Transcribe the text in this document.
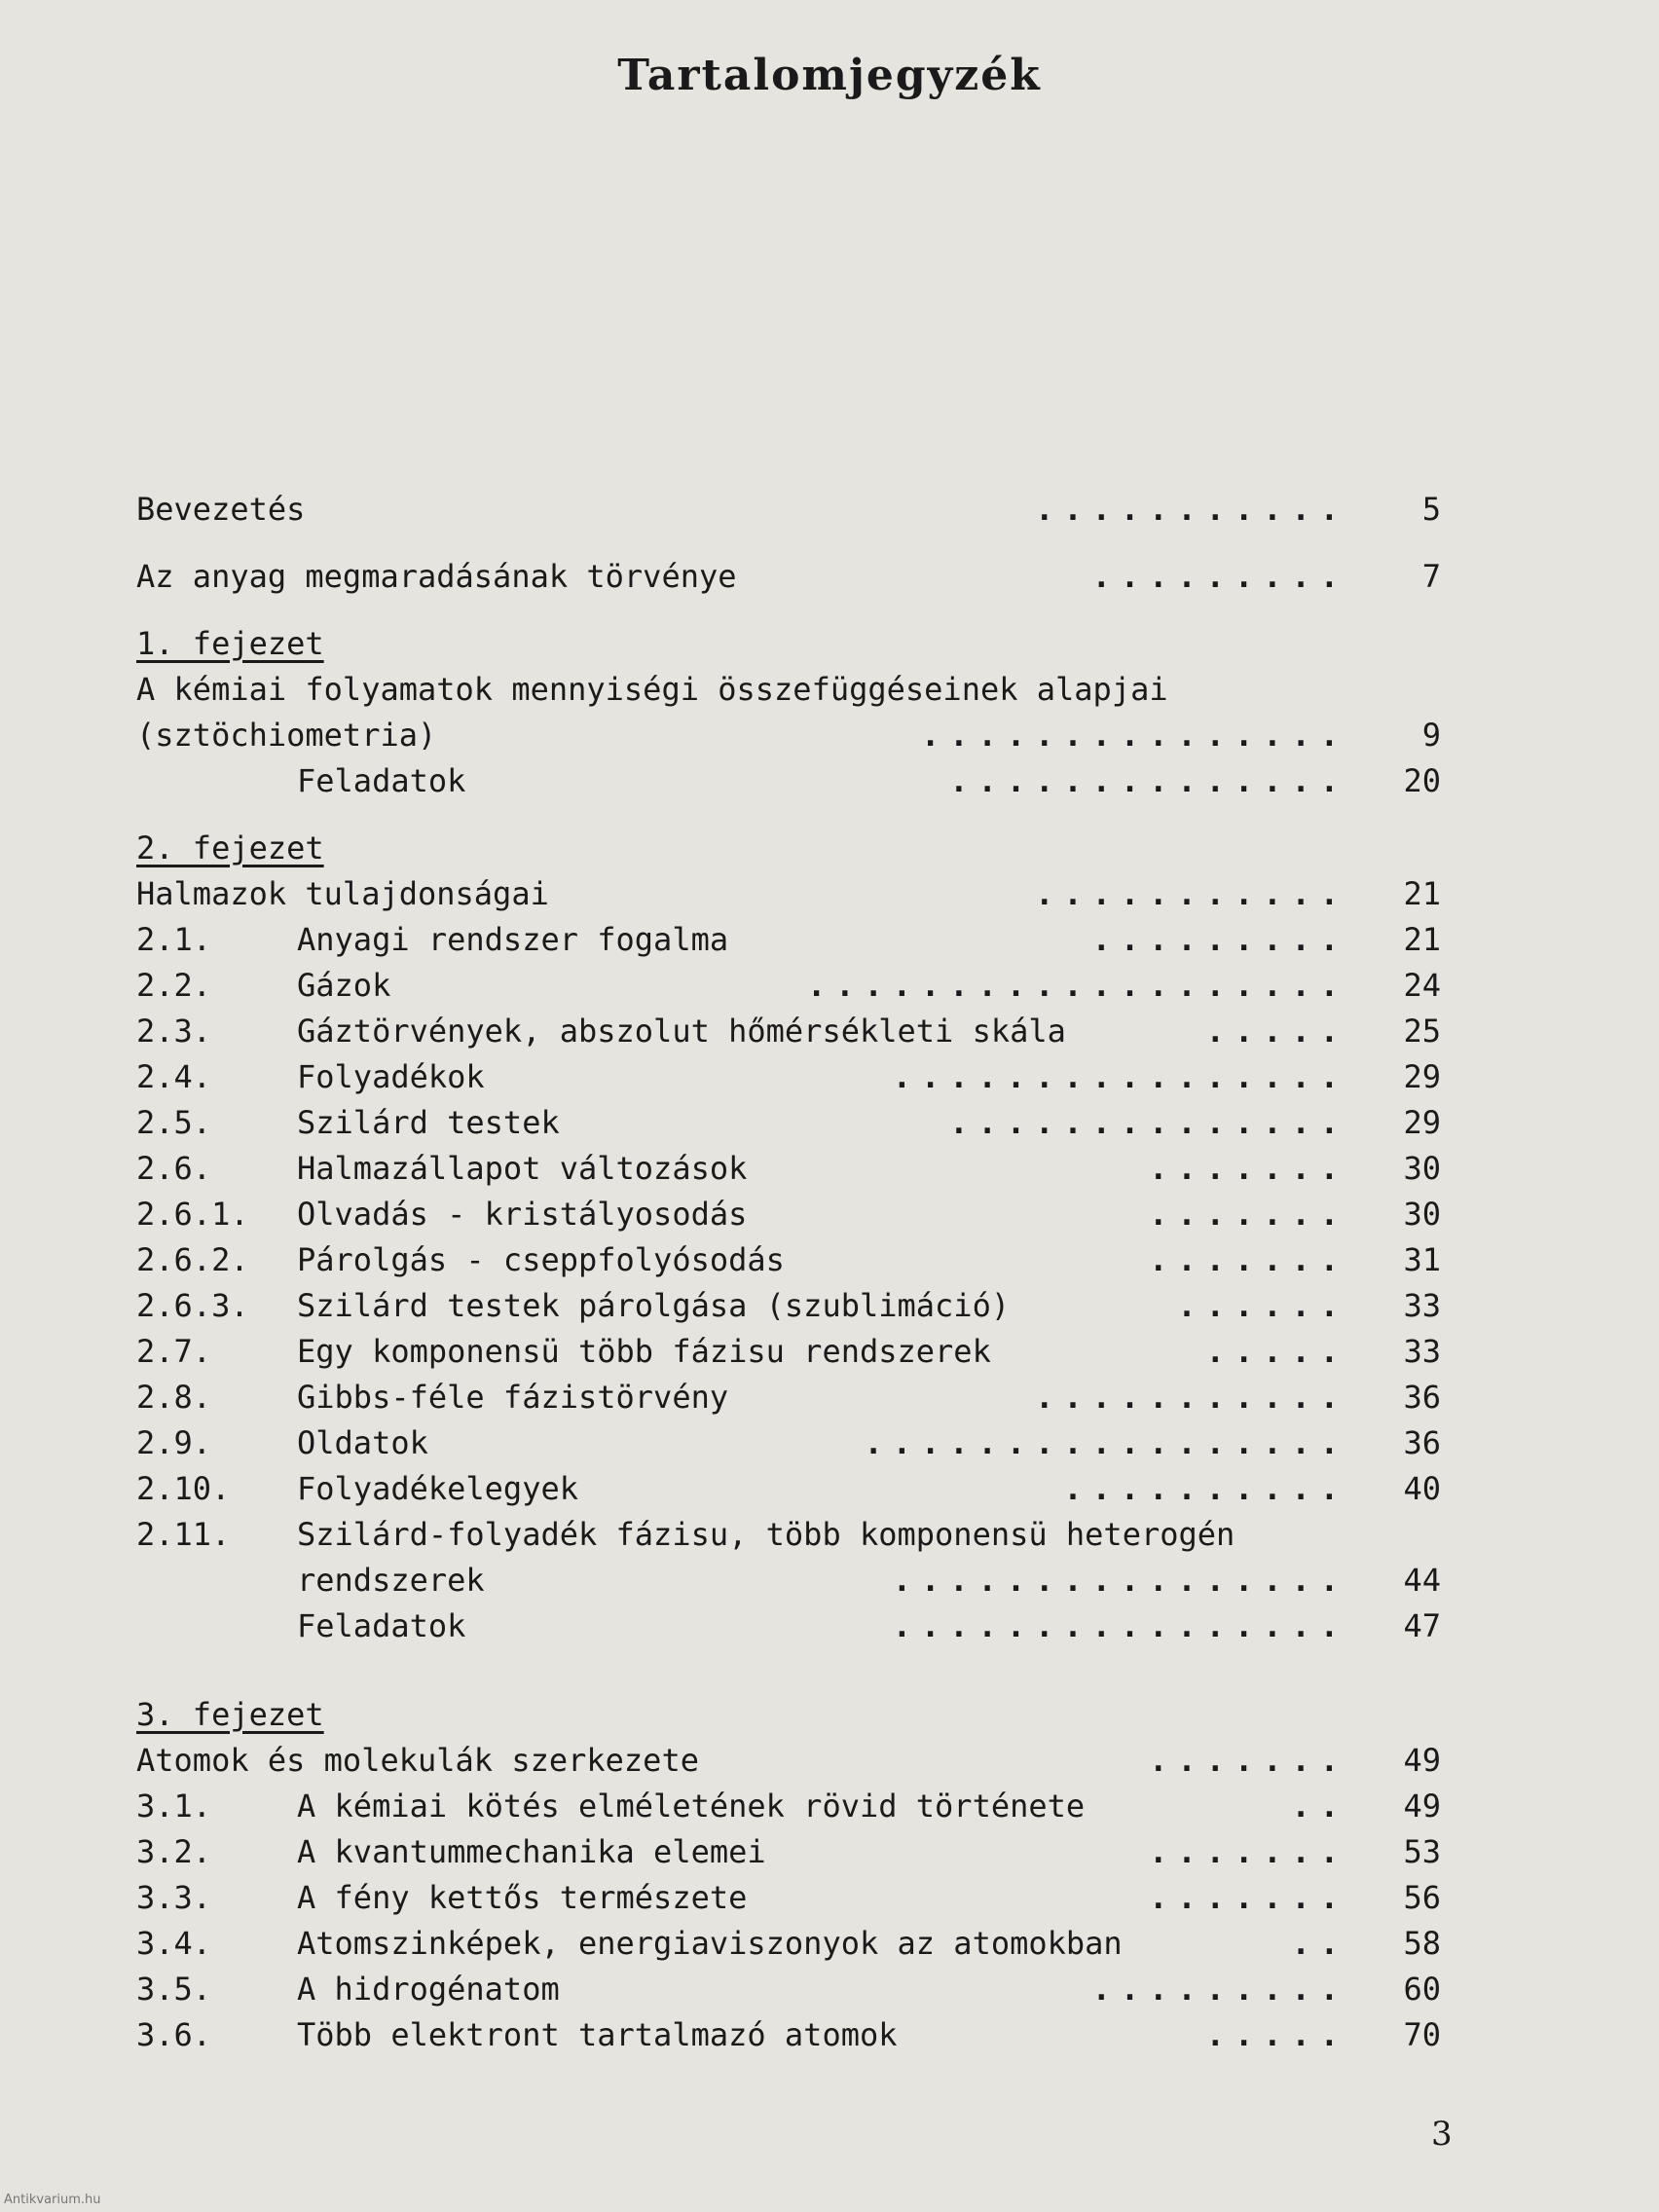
Tartalomjegyzék
Bevezetés	...........	5
Az anyag megmaradásának törvénye	.........	7
1. fejezet
A kémiai folyamatok mennyiségi összefüggéseinek alapjai
(sztöchiometria)	...............	9
Feladatok	..............	20
2. fejezet
Halmazok tulajdonságai	...........	21
2.1.	Anyagi rendszer fogalma	.........	21
2.2.	Gázok	...................	24
2.3.	Gáztörvények, abszolut hőmérsékleti skála	.....	25
2.4.	Folyadékok	................	29
2.5.	Szilárd testek	..............	29
2.6.	Halmazállapot változások	.......	30
2.6.1. Olvadás - kristályosodás	.......	30
2.6.2. Párolgás - cseppfolyósodás	.......	31
2.6.3. Szilárd testek párolgása (szublimáció)	......	33
2.7.	Egy komponensü több fázisu rendszerek	.....	33
2.8.	Gibbs-féle fázistörvény	...........	36
2.9.	Oldatok	.................	36
2.10. Folyadékelegyek	..........	40
2.11. Szilárd-folyadék fázisu, több komponensü heterogén
rendszerek	................	44
Feladatok	................	47
3. fejezet
Atomok és molekulák szerkezete	.......	49
3.1.	A kémiai kötés elméletének rövid története	..	49
3.2.	A kvantummechanika elemei	.......	53
3.3.	A fény kettős természete	.......	56
3.4.	Atomszinképek, energiaviszonyok az atomokban	..	58
3.5.	A hidrogénatom	.........	60
3.6.	Több elektront tartalmazó atomok	.....	70
3
Antikvarium.hu
